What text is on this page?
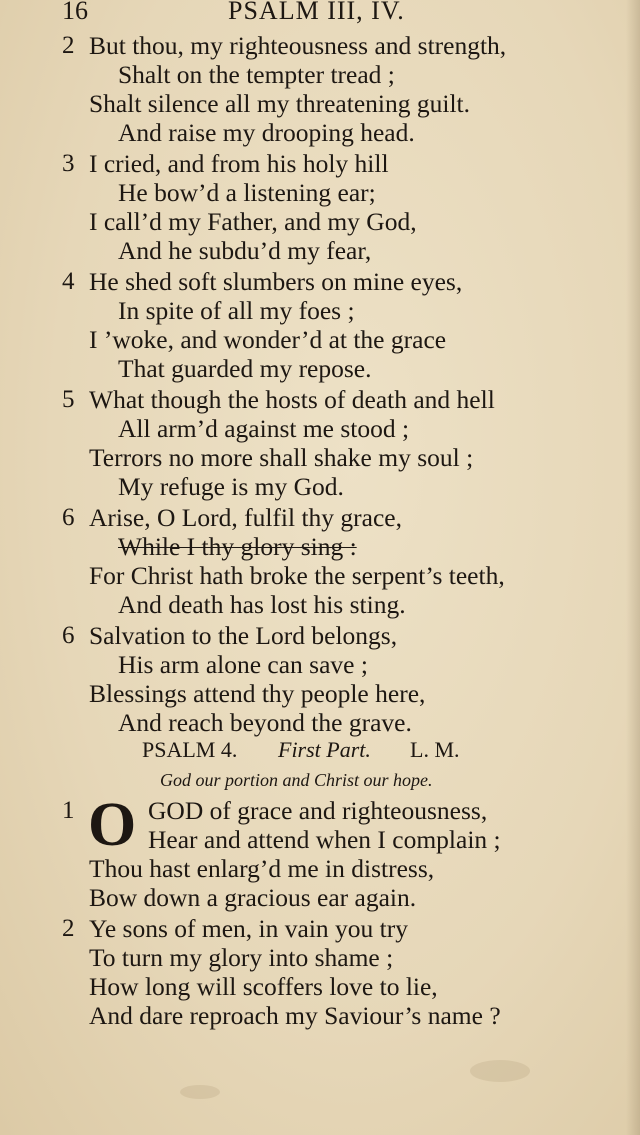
16	PSALM III, IV.
2 But thou, my righteousness and strength,
Shalt on the tempter tread ;
Shalt silence all my threatening guilt.
And raise my drooping head.
3 I cried, and from his holy hill
He bow’d a listening ear;
I call’d my Father, and my God,
And he subdu’d my fear,
4 He shed soft slumbers on mine eyes,
In spite of all my foes ;
I ’woke, and wonder’d at the grace
That guarded my repose.
5 What though the hosts of death and hell
All arm’d against me stood ;
Terrors no more shall shake my soul ;
My refuge is my God.
6 Arise, O Lord, fulfil thy grace,
While I thy glory sing :
For Christ hath broke the serpent’s teeth,
And death has lost his sting.
6 Salvation to the Lord belongs,
His arm alone can save ;
Blessings attend thy people here,
And reach beyond the grave.
PSALM 4. First Part. L. M.
God our portion and Christ our hope.
1	GOD of grace and righteousness,
Hear and attend when I complain ;
Thou hast enlarg’d me in distress,
Bow down a gracious ear again.
O
2 Ye sons of men, in vain you try
To turn my glory into shame ;
How long will scoffers love to lie,
And dare reproach my Saviour’s name ?
